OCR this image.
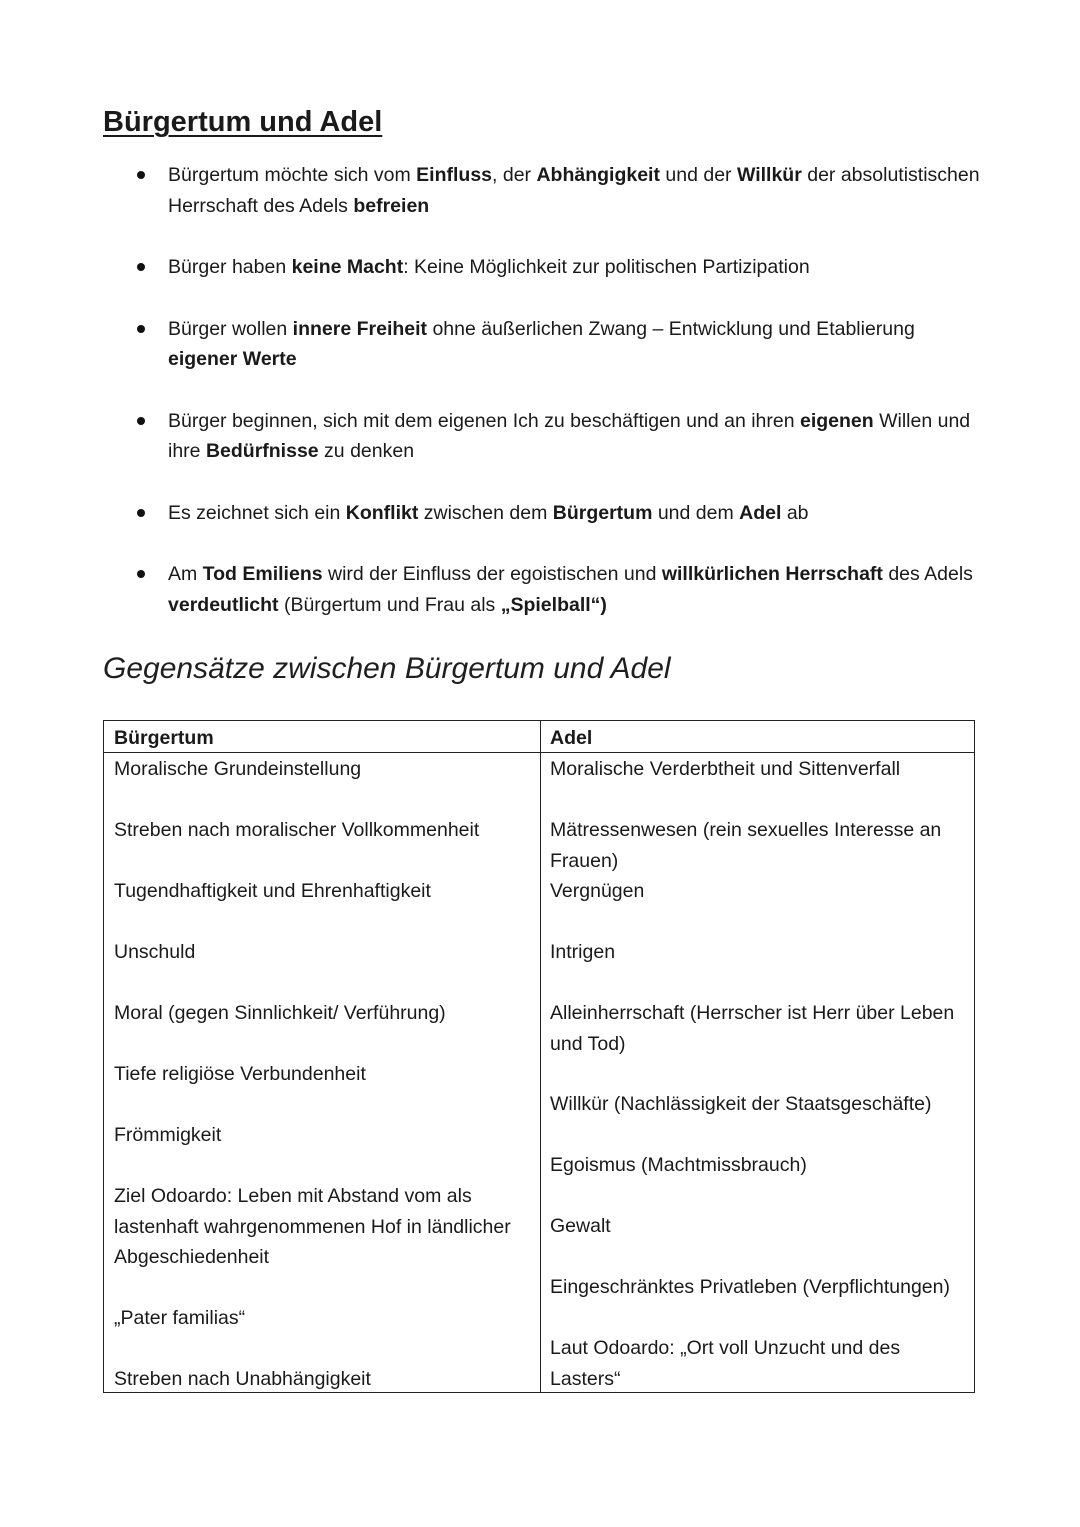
Bürgertum und Adel
Bürgertum möchte sich vom Einfluss, der Abhängigkeit und der Willkür der absolutistischen Herrschaft des Adels befreien
Bürger haben keine Macht: Keine Möglichkeit zur politischen Partizipation
Bürger wollen innere Freiheit ohne äußerlichen Zwang – Entwicklung und Etablierung eigener Werte
Bürger beginnen, sich mit dem eigenen Ich zu beschäftigen und an ihren eigenen Willen und ihre Bedürfnisse zu denken
Es zeichnet sich ein Konflikt zwischen dem Bürgertum und dem Adel ab
Am Tod Emiliens wird der Einfluss der egoistischen und willkürlichen Herrschaft des Adels verdeutlicht (Bürgertum und Frau als „Spielball“)
Gegensätze zwischen Bürgertum und Adel
Bürgertum	Adel
Moralische Grundeinstellung
Streben nach moralischer Vollkommenheit
Tugendhaftigkeit und Ehrenhaftigkeit
Unschuld
Moral (gegen Sinnlichkeit/ Verführung)
Tiefe religiöse Verbundenheit
Frömmigkeit
Ziel Odoardo: Leben mit Abstand vom als lastenhaft wahrgenommenen Hof in ländlicher Abgeschiedenheit
„Pater familias“
Streben nach Unabhängigkeit
Moralische Verderbtheit und Sittenverfall
Mätressenwesen (rein sexuelles Interesse an Frauen)
Vergnügen
Intrigen
Alleinherrschaft (Herrscher ist Herr über Leben und Tod)
Willkür (Nachlässigkeit der Staatsgeschäfte)
Egoismus (Machtmissbrauch)
Gewalt
Eingeschränktes Privatleben (Verpflichtungen)
Laut Odoardo: „Ort voll Unzucht und des Lasters“
